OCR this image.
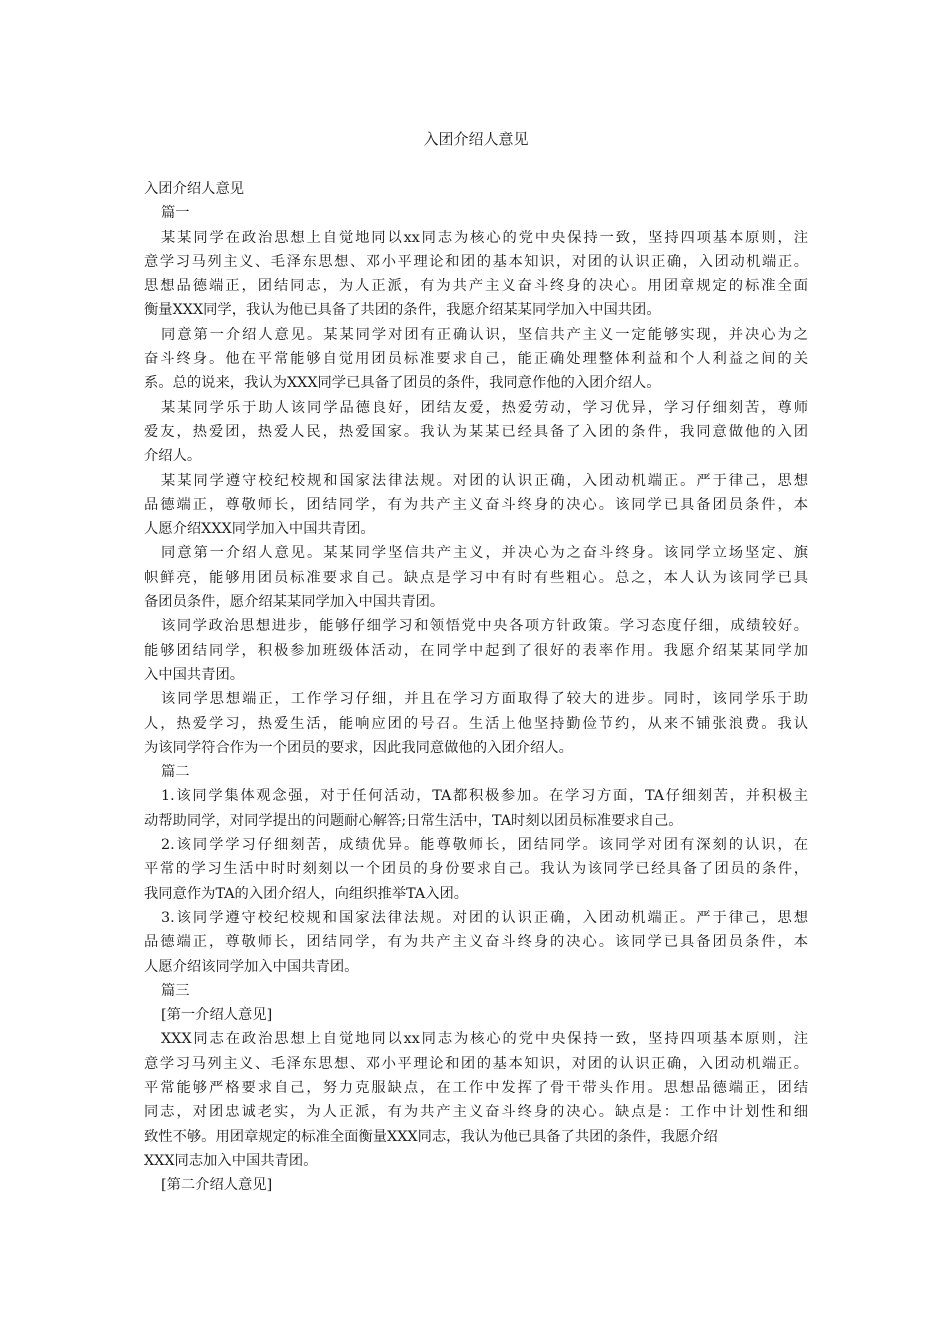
入团介绍人意见
入团介绍人意见
篇一
某某同学在政治思想上自觉地同以xx同志为核心的党中央保持一致，坚持四项基本原则，注
意学习马列主义、毛泽东思想、邓小平理论和团的基本知识，对团的认识正确，入团动机端正。
思想品德端正，团结同志，为人正派，有为共产主义奋斗终身的决心。用团章规定的标准全面
衡量XXX同学，我认为他已具备了共团的条件，我愿介绍某某同学加入中国共团。
同意第一介绍人意见。某某同学对团有正确认识，坚信共产主义一定能够实现，并决心为之
奋斗终身。他在平常能够自觉用团员标准要求自己，能正确处理整体利益和个人利益之间的关
系。总的说来，我认为XXX同学已具备了团员的条件，我同意作他的入团介绍人。
某某同学乐于助人该同学品德良好，团结友爱，热爱劳动，学习优异，学习仔细刻苦，尊师
爱友，热爱团，热爱人民，热爱国家。我认为某某已经具备了入团的条件，我同意做他的入团
介绍人。
某某同学遵守校纪校规和国家法律法规。对团的认识正确，入团动机端正。严于律己，思想
品德端正，尊敬师长，团结同学，有为共产主义奋斗终身的决心。该同学已具备团员条件，本
人愿介绍XXX同学加入中国共青团。
同意第一介绍人意见。某某同学坚信共产主义，并决心为之奋斗终身。该同学立场坚定、旗
帜鲜亮，能够用团员标准要求自己。缺点是学习中有时有些粗心。总之，本人认为该同学已具
备团员条件，愿介绍某某同学加入中国共青团。
该同学政治思想进步，能够仔细学习和领悟党中央各项方针政策。学习态度仔细，成绩较好。
能够团结同学，积极参加班级体活动，在同学中起到了很好的表率作用。我愿介绍某某同学加
入中国共青团。
该同学思想端正，工作学习仔细，并且在学习方面取得了较大的进步。同时，该同学乐于助
人，热爱学习，热爱生活，能响应团的号召。生活上他坚持勤俭节约，从来不铺张浪费。我认
为该同学符合作为一个团员的要求，因此我同意做他的入团介绍人。
篇二
1.该同学集体观念强，对于任何活动，TA都积极参加。在学习方面，TA仔细刻苦，并积极主
动帮助同学，对同学提出的问题耐心解答;日常生活中，TA时刻以团员标准要求自己。
2.该同学学习仔细刻苦，成绩优异。能尊敬师长，团结同学。该同学对团有深刻的认识，在
平常的学习生活中时时刻刻以一个团员的身份要求自己。我认为该同学已经具备了团员的条件，
我同意作为TA的入团介绍人，向组织推举TA入团。
3.该同学遵守校纪校规和国家法律法规。对团的认识正确，入团动机端正。严于律己，思想
品德端正，尊敬师长，团结同学，有为共产主义奋斗终身的决心。该同学已具备团员条件，本
人愿介绍该同学加入中国共青团。
篇三
[第一介绍人意见]
XXX同志在政治思想上自觉地同以xx同志为核心的党中央保持一致，坚持四项基本原则，注
意学习马列主义、毛泽东思想、邓小平理论和团的基本知识，对团的认识正确，入团动机端正。
平常能够严格要求自己，努力克服缺点，在工作中发挥了骨干带头作用。思想品德端正，团结
同志，对团忠诚老实，为人正派，有为共产主义奋斗终身的决心。缺点是：工作中计划性和细
致性不够。用团章规定的标准全面衡量XXX同志，我认为他已具备了共团的条件，我愿介绍
XXX同志加入中国共青团。
[第二介绍人意见]
